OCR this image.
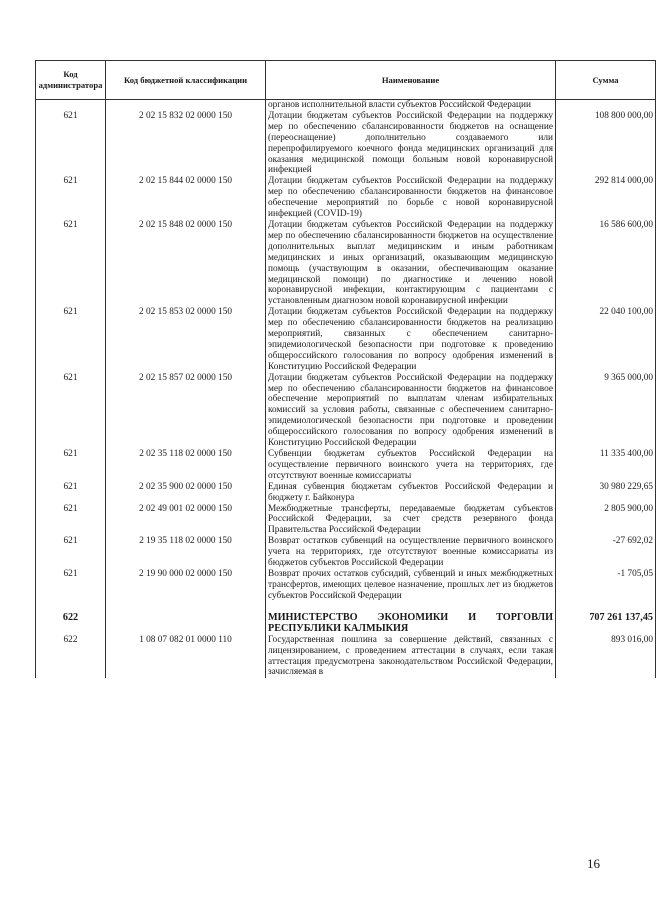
Код администратора	Код бюджетной классификации	Наименование	Сумма
		органов исполнительной власти субъектов Российской Федерации	
621	2 02 15 832 02 0000 150	Дотации бюджетам субъектов Российской Федерации на поддержку мер по обеспечению сбалансированности бюджетов на оснащение (переоснащение) дополнительно создаваемого или перепрофилируемого коечного фонда медицинских организаций для оказания медицинской помощи больным новой коронавирусной инфекцией	108 800 000,00
621	2 02 15 844 02 0000 150	Дотации бюджетам субъектов Российской Федерации на поддержку мер по обеспечению сбалансированности бюджетов на финансовое обеспечение мероприятий по борьбе с новой коронавирусной инфекцией (COVID-19)	292 814 000,00
621	2 02 15 848 02 0000 150	Дотации бюджетам субъектов Российской Федерации на поддержку мер по обеспечению сбалансированности бюджетов на осуществление дополнительных выплат медицинским и иным работникам медицинских и иных организаций, оказывающим медицинскую помощь (участвующим в оказании, обеспечивающим оказание медицинской помощи) по диагностике и лечению новой коронавирусной инфекции, контактирующим с пациентами с установленным диагнозом новой коронавирусной инфекции	16 586 600,00
621	2 02 15 853 02 0000 150	Дотации бюджетам субъектов Российской Федерации на поддержку мер по обеспечению сбалансированности бюджетов на реализацию мероприятий, связанных с обеспечением санитарно-эпидемиологической безопасности при подготовке к проведению общероссийского голосования по вопросу одобрения изменений в Конституцию Российской Федерации	22 040 100,00
621	2 02 15 857 02 0000 150	Дотации бюджетам субъектов Российской Федерации на поддержку мер по обеспечению сбалансированности бюджетов на финансовое обеспечение мероприятий по выплатам членам избирательных комиссий за условия работы, связанные с обеспечением санитарно-эпидемиологической безопасности при подготовке и проведении общероссийского голосования по вопросу одобрения изменений в Конституцию Российской Федерации	9 365 000,00
621	2 02 35 118 02 0000 150	Субвенции бюджетам субъектов Российской Федерации на осуществление первичного воинского учета на территориях, где отсутствуют военные комиссариаты	11 335 400,00
621	2 02 35 900 02 0000 150	Единая субвенция бюджетам субъектов Российской Федерации и бюджету г. Байконура	30 980 229,65
621	2 02 49 001 02 0000 150	Межбюджетные трансферты, передаваемые бюджетам субъектов Российской Федерации, за счет средств резервного фонда Правительства Российской Федерации	2 805 900,00
621	2 19 35 118 02 0000 150	Возврат остатков субвенций на осуществление первичного воинского учета на территориях, где отсутствуют военные комиссариаты из бюджетов субъектов Российской Федерации	-27 692,02
621	2 19 90 000 02 0000 150	Возврат прочих остатков субсидий, субвенций и иных межбюджетных трансфертов, имеющих целевое назначение, прошлых лет из бюджетов субъектов Российской Федерации	-1 705,05

622		МИНИСТЕРСТВО ЭКОНОМИКИ И ТОРГОВЛИ РЕСПУБЛИКИ КАЛМЫКИЯ	707 261 137,45
622	1 08 07 082 01 0000 110	Государственная пошлина за совершение действий, связанных с лицензированием, с проведением аттестации в случаях, если такая аттестация предусмотрена законодательством Российской Федерации, зачисляемая в	893 016,00
16
